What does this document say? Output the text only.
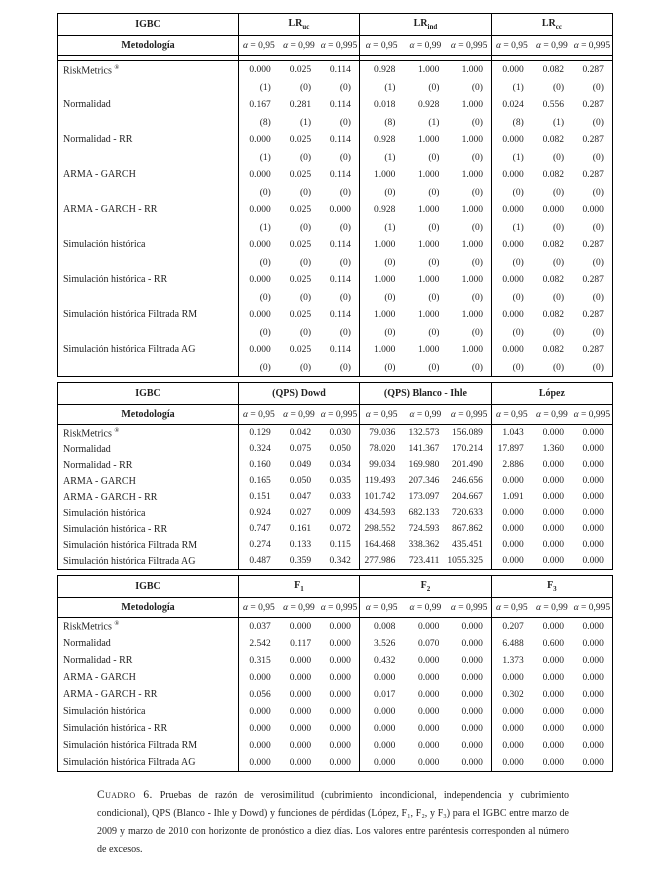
IGBC	$LR_{uc}$			$LR_{ind}$			$LR_{cc}$
Metodología	α = 0,95	α = 0,99	α = 0,995	α = 0,95	α = 0,99	α = 0,995	α = 0,95	α = 0,99	α = 0,995

RiskMetrics ®	0.000	0.025	0.114	0.928	1.000	1.000	0.000	0.082	0.287
	(1)	(0)	(0)	(1)	(0)	(0)	(1)	(0)	(0)
Normalidad	0.167	0.281	0.114	0.018	0.928	1.000	0.024	0.556	0.287
	(8)	(1)	(0)	(8)	(1)	(0)	(8)	(1)	(0)
Normalidad - RR	0.000	0.025	0.114	0.928	1.000	1.000	0.000	0.082	0.287
	(1)	(0)	(0)	(1)	(0)	(0)	(1)	(0)	(0)
ARMA - GARCH	0.000	0.025	0.114	1.000	1.000	1.000	0.000	0.082	0.287
	(0)	(0)	(0)	(0)	(0)	(0)	(0)	(0)	(0)
ARMA - GARCH - RR	0.000	0.025	0.000	0.928	1.000	1.000	0.000	0.000	0.000
	(1)	(0)	(0)	(1)	(0)	(0)	(1)	(0)	(0)
Simulación histórica	0.000	0.025	0.114	1.000	1.000	1.000	0.000	0.082	0.287
	(0)	(0)	(0)	(0)	(0)	(0)	(0)	(0)	(0)
Simulación histórica - RR	0.000	0.025	0.114	1.000	1.000	1.000	0.000	0.082	0.287
	(0)	(0)	(0)	(0)	(0)	(0)	(0)	(0)	(0)
Simulación histórica Filtrada RM	0.000	0.025	0.114	1.000	1.000	1.000	0.000	0.082	0.287
	(0)	(0)	(0)	(0)	(0)	(0)	(0)	(0)	(0)
Simulación histórica Filtrada AG	0.000	0.025	0.114	1.000	1.000	1.000	0.000	0.082	0.287
	(0)	(0)	(0)	(0)	(0)	(0)	(0)	(0)	(0)
IGBC	(QPS) Dowd			(QPS) Blanco - Ihle			López		
Metodología	α = 0,95	α = 0,99	α = 0,995	α = 0,95	α = 0,99	α = 0,995	α = 0,95	α = 0,99	α = 0,995
RiskMetrics ®	0.129	0.042	0.030	79.036	132.573	156.089	1.043	0.000	0.000
Normalidad	0.324	0.075	0.050	78.020	141.367	170.214	17.897	1.360	0.000
Normalidad - RR	0.160	0.049	0.034	99.034	169.980	201.490	2.886	0.000	0.000
ARMA - GARCH	0.165	0.050	0.035	119.493	207.346	246.656	0.000	0.000	0.000
ARMA - GARCH - RR	0.151	0.047	0.033	101.742	173.097	204.667	1.091	0.000	0.000
Simulación histórica	0.924	0.027	0.009	434.593	682.133	720.633	0.000	0.000	0.000
Simulación histórica - RR	0.747	0.161	0.072	298.552	724.593	867.862	0.000	0.000	0.000
Simulación histórica Filtrada RM	0.274	0.133	0.115	164.468	338.362	435.451	0.000	0.000	0.000
Simulación histórica Filtrada AG	0.487	0.359	0.342	277.986	723.411	1055.325	0.000	0.000	0.000
IGBC	$F_1$			$F_2$			$F_3$
Metodología	α = 0,95	α = 0,99	α = 0,995	α = 0,95	α = 0,99	α = 0,995	α = 0,95	α = 0,99	α = 0,995
RiskMetrics ®	0.037	0.000	0.000	0.008	0.000	0.000	0.207	0.000	0.000
Normalidad	2.542	0.117	0.000	3.526	0.070	0.000	6.488	0.600	0.000
Normalidad - RR	0.315	0.000	0.000	0.432	0.000	0.000	1.373	0.000	0.000
ARMA - GARCH	0.000	0.000	0.000	0.000	0.000	0.000	0.000	0.000	0.000
ARMA - GARCH - RR	0.056	0.000	0.000	0.017	0.000	0.000	0.302	0.000	0.000
Simulación histórica	0.000	0.000	0.000	0.000	0.000	0.000	0.000	0.000	0.000
Simulación histórica - RR	0.000	0.000	0.000	0.000	0.000	0.000	0.000	0.000	0.000
Simulación histórica Filtrada RM	0.000	0.000	0.000	0.000	0.000	0.000	0.000	0.000	0.000
Simulación histórica Filtrada AG	0.000	0.000	0.000	0.000	0.000	0.000	0.000	0.000	0.000
Cuadro 6. Pruebas de razón de verosimilitud (cubrimiento incondicional, independencia y cubrimiento condicional), QPS (Blanco - Ihle y Dowd) y funciones de pérdidas (López, F₁, F₂, y F₃) para el IGBC entre marzo de 2009 y marzo de 2010 con horizonte de pronóstico a diez días. Los valores entre paréntesis corresponden al número de excesos.
